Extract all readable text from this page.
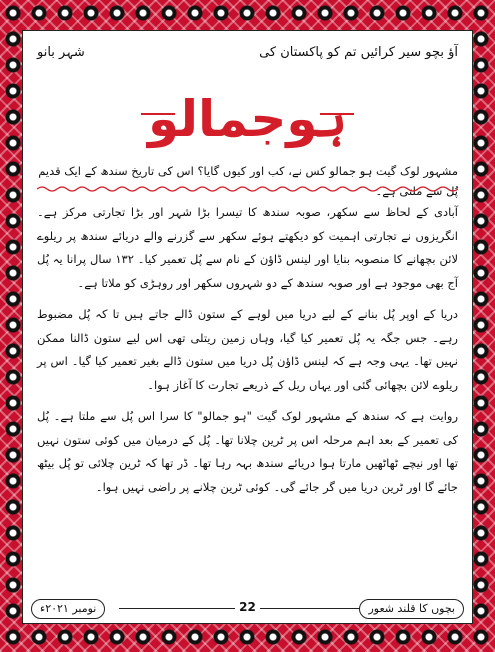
آؤ بچو سیر کرائیں تم کو پاکستان کی
شہر بانو
ہوجمالو
مشہور لوک گیت ہو جمالو کس نے، کب اور کیوں گایا؟ اس کی تاریخ سندھ کے ایک قدیم پُل سے ملتی ہے۔

آبادی کے لحاظ سے سکھر، صوبہ سندھ کا تیسرا بڑا شہر اور بڑا تجارتی مرکز ہے۔ انگریزوں نے تجارتی اہمیت کو دیکھتے ہوئے سکھر سے گزرنے والے دریائے سندھ پر ریلوے لائن بچھانے کا منصوبہ بنایا اور لینس ڈاؤن کے نام سے پُل تعمیر کیا۔ ۱۳۲ سال پرانا یہ پُل آج بھی موجود ہے اور صوبہ سندھ کے دو شہروں سکھر اور روہڑی کو ملاتا ہے۔

دریا کے اوپر پُل بنانے کے لیے دریا میں لوہے کے ستون ڈالے جاتے ہیں تا کہ پُل مضبوط رہے۔ جس جگہ یہ پُل تعمیر کیا گیا، وہاں زمین ریتلی تھی اس لیے ستون ڈالنا ممکن نہیں تھا۔ یہی وجہ ہے کہ لینس ڈاؤن پُل دریا میں ستون ڈالے بغیر تعمیر کیا گیا۔ اس پر ریلوے لائن بچھائی گئی اور یہاں ریل کے ذریعے تجارت کا آغاز ہوا۔

روایت ہے کہ سندھ کے مشہور لوک گیت "ہو جمالو" کا سرا اس پُل سے ملتا ہے۔ پُل کی تعمیر کے بعد اہم مرحلہ اس پر ٹرین چلانا تھا۔ پُل کے درمیان میں کوئی ستون نہیں تھا اور نیچے ٹھاٹھیں مارتا ہوا دریائے سندھ بہہ رہا تھا۔ ڈر تھا کہ ٹرین چلائی تو پُل بیٹھ جائے گا اور ٹرین دریا میں گر جائے گی۔ کوئی ٹرین چلانے پر راضی نہیں ہوا۔

22
نومبر ۲۰۲۱ء	بچوں کا قلند شعور
